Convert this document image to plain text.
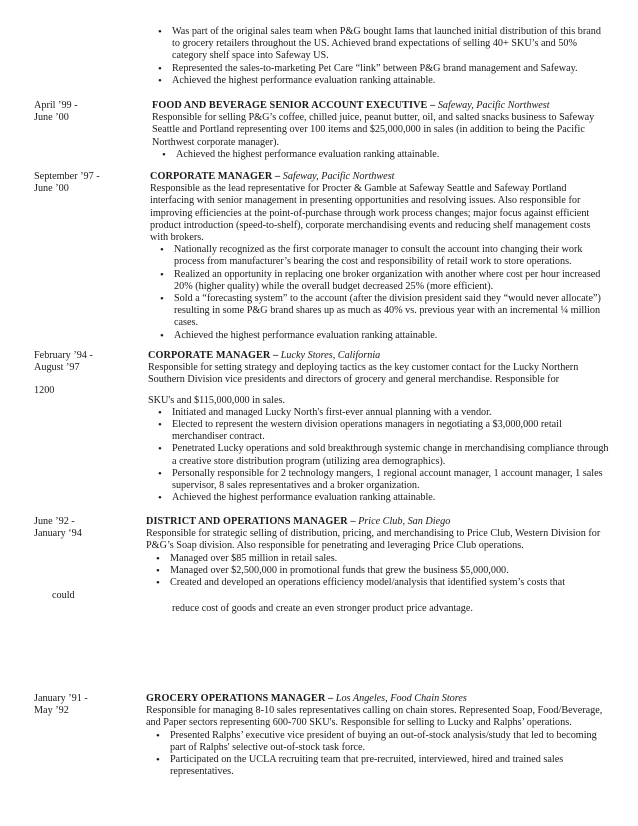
• Was part of the original sales team when P&G bought Iams that launched initial distribution of this brand to grocery retailers throughout the US. Achieved brand expectations of selling 40+ SKU’s and 50% category shelf space into Safeway US.
• Represented the sales-to-marketing Pet Care “link” between P&G brand management and Safeway.
• Achieved the highest performance evaluation ranking attainable.
April ’99 -
June ’00
FOOD AND BEVERAGE SENIOR ACCOUNT EXECUTIVE – Safeway, Pacific Northwest

Responsible for selling P&G’s coffee, chilled juice, peanut butter, oil, and salted snacks business to Safeway Seattle and Portland representing over 100 items and $25,000,000 in sales (in addition to being the Pacific Northwest corporate manager).

• Achieved the highest performance evaluation ranking attainable.
September ’97 -
June ’00
CORPORATE MANAGER – Safeway, Pacific Northwest

Responsible as the lead representative for Procter & Gamble at Safeway Seattle and Safeway Portland interfacing with senior management in presenting opportunities and resolving issues. Also responsible for improving efficiencies at the point-of-purchase through work process changes; major focus against efficient product introduction (speed-to-shelf), corporate merchandising events and reducing shelf management costs with brokers.

• Nationally recognized as the first corporate manager to consult the account into changing their work process from manufacturer’s bearing the cost and responsibility of retail work to store operations.
• Realized an opportunity in replacing one broker organization with another where cost per hour increased 20% (higher quality) while the overall budget decreased 25% (more efficient).
• Sold a “forecasting system” to the account (after the division president said they “would never allocate”) resulting in some P&G brand shares up as much as 40% vs. previous year with an incremental ¼ million cases.
• Achieved the highest performance evaluation ranking attainable.
February ’94 -
August ’97
1200
CORPORATE MANAGER – Lucky Stores, California

Responsible for setting strategy and deploying tactics as the key customer contact for the Lucky Northern Southern Division vice presidents and directors of grocery and general merchandise. Responsible for

SKU's and $115,000,000 in sales.

• Initiated and managed Lucky North's first-ever annual planning with a vendor.
• Elected to represent the western division operations managers in negotiating a $3,000,000 retail merchandiser contract.
• Penetrated Lucky operations and sold breakthrough systemic change in merchandising compliance through a creative store distribution program (utilizing area demographics).
• Personally responsible for 2 technology mangers, 1 regional account manager, 1 account manager, 1 sales supervisor, 8 sales representatives and a broker organization.
• Achieved the highest performance evaluation ranking attainable.
June ’92 -
January ‘94
could
DISTRICT AND OPERATIONS MANAGER – Price Club, San Diego

Responsible for strategic selling of distribution, pricing, and merchandising to Price Club, Western Division for P&G’s Soap division. Also responsible for penetrating and leveraging Price Club operations.

• Managed over $85 million in retail sales.
• Managed over $2,500,000 in promotional funds that grew the business $5,000,000.
• Created and developed an operations efficiency model/analysis that identified system’s costs that
reduce cost of goods and create an even stronger product price advantage.
January ’91 -
May ’92
GROCERY OPERATIONS MANAGER – Los Angeles, Food Chain Stores

Responsible for managing 8-10 sales representatives calling on chain stores. Represented Soap, Food/Beverage, and Paper sectors representing 600-700 SKU's. Responsible for selling to Lucky and Ralphs’ operations.

• Presented Ralphs’ executive vice president of buying an out-of-stock analysis/study that led to becoming part of Ralphs' selective out-of-stock task force.
• Participated on the UCLA recruiting team that pre-recruited, interviewed, hired and trained sales representatives.
